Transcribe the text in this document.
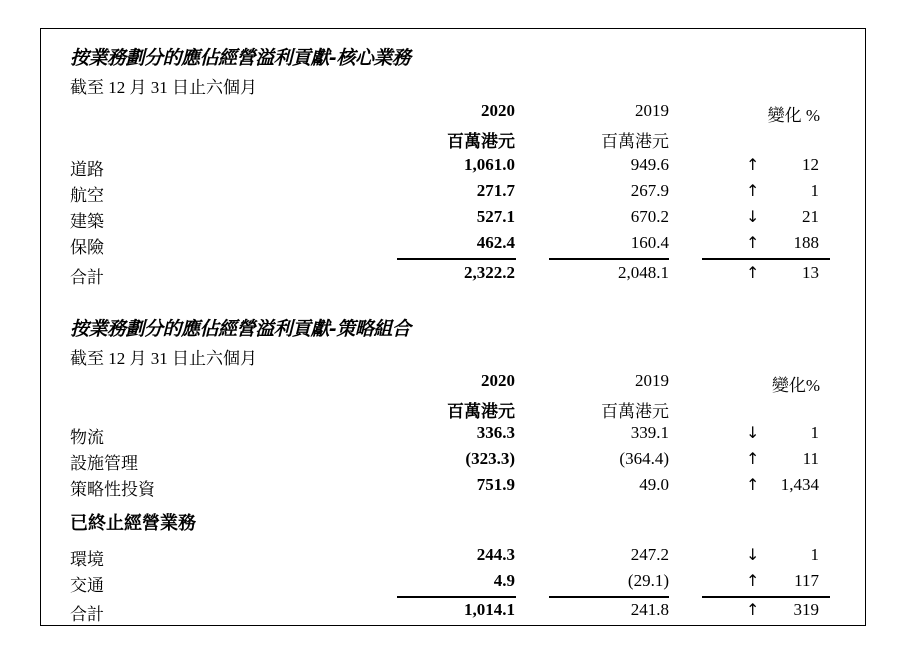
按業務劃分的應佔經營溢利貢獻-核心業務
截至 12 月 31 日止六個月
2020	2019	變化 %
百萬港元	百萬港元
道路	1,061.0	949.6	↑	12
航空	271.7	267.9	↑	1
建築	527.1	670.2	↓	21
保險	462.4	160.4	↑ 188
合計	2,322.2	2,048.1	↑	13
按業務劃分的應佔經營溢利貢獻-策略組合
截至 12 月 31 日止六個月
2020	2019	變化%
百萬港元	百萬港元
物流	336.3	339.1	↓	1
設施管理	(323.3)	(364.4)	↑	11
策略性投資	751.9	49.0	↑ 1,434
已終止經營業務
環境	244.3	247.2	↓	1
交通	4.9	(29.1)	↑ 117
合計	1,014.1	241.8	↑ 319
